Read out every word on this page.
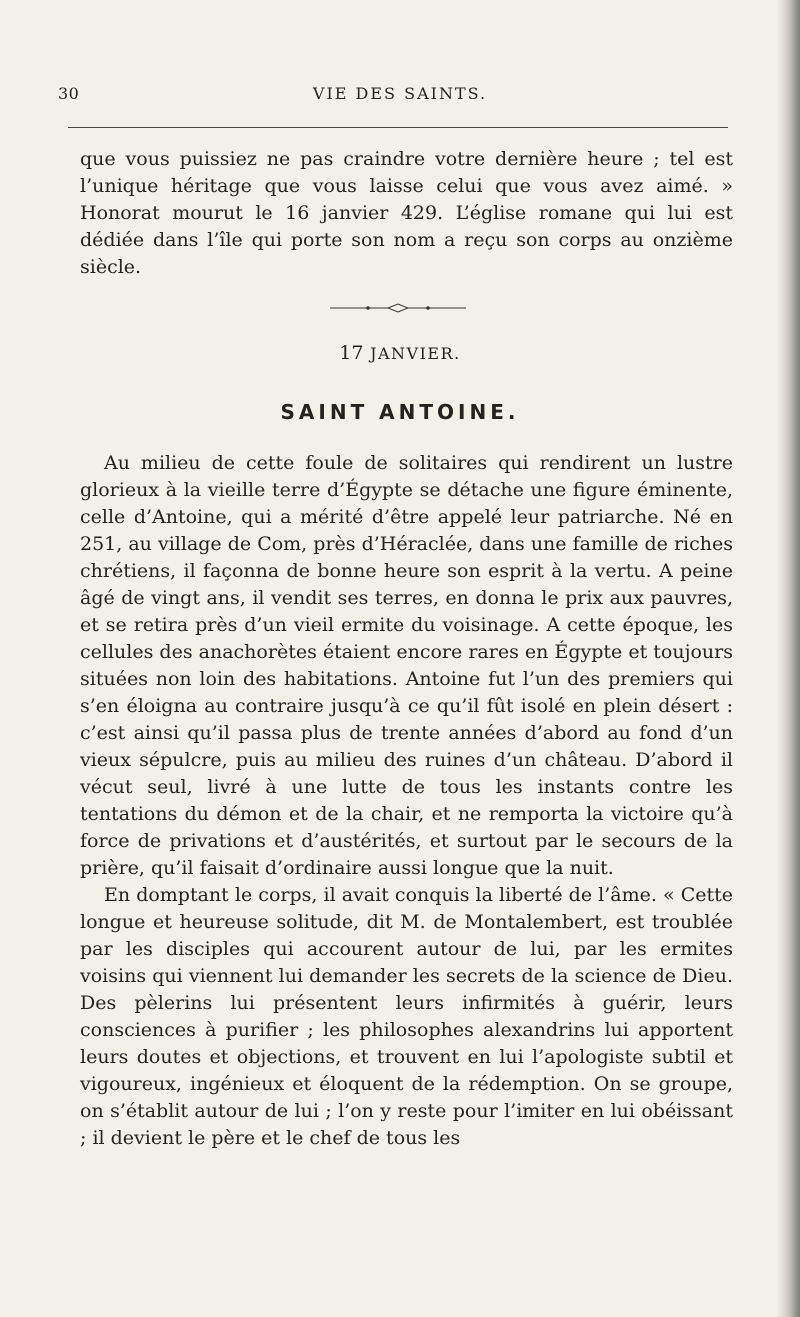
30	VIE DES SAINTS.

que vous puissiez ne pas craindre votre dernière heure ; tel est l’unique héritage que vous laisse celui que vous avez aimé. » Honorat mourut le 16 janvier 429. L’église romane qui lui est dédiée dans l’île qui porte son nom a reçu son corps au onzième siècle.

17 JANVIER.
SAINT ANTOINE.

Au milieu de cette foule de solitaires qui rendirent un lustre glorieux à la vieille terre d’Égypte se détache une figure éminente, celle d’Antoine, qui a mérité d’être appelé leur patriarche. Né en 251, au village de Com, près d’Héraclée, dans une famille de riches chrétiens, il façonna de bonne heure son esprit à la vertu. A peine âgé de vingt ans, il vendit ses terres, en donna le prix aux pauvres, et se retira près d’un vieil ermite du voisinage. A cette époque, les cellules des anachorètes étaient encore rares en Égypte et toujours situées non loin des habitations. Antoine fut l’un des premiers qui s’en éloigna au contraire jusqu’à ce qu’il fût isolé en plein désert : c’est ainsi qu’il passa plus de trente années d’abord au fond d’un vieux sépulcre, puis au milieu des ruines d’un château. D’abord il vécut seul, livré à une lutte de tous les instants contre les tentations du démon et de la chair, et ne remporta la victoire qu’à force de privations et d’austérités, et surtout par le secours de la prière, qu’il faisait d’ordinaire aussi longue que la nuit.

En domptant le corps, il avait conquis la liberté de l’âme. « Cette longue et heureuse solitude, dit M. de Montalembert, est troublée par les disciples qui accourent autour de lui, par les ermites voisins qui viennent lui demander les secrets de la science de Dieu. Des pèlerins lui présentent leurs infirmités à guérir, leurs consciences à purifier ; les philosophes alexandrins lui apportent leurs doutes et objections, et trouvent en lui l’apologiste subtil et vigoureux, ingénieux et éloquent de la rédemption. On se groupe, on s’établit autour de lui ; l’on y reste pour l’imiter en lui obéissant ; il devient le père et le chef de tous les
